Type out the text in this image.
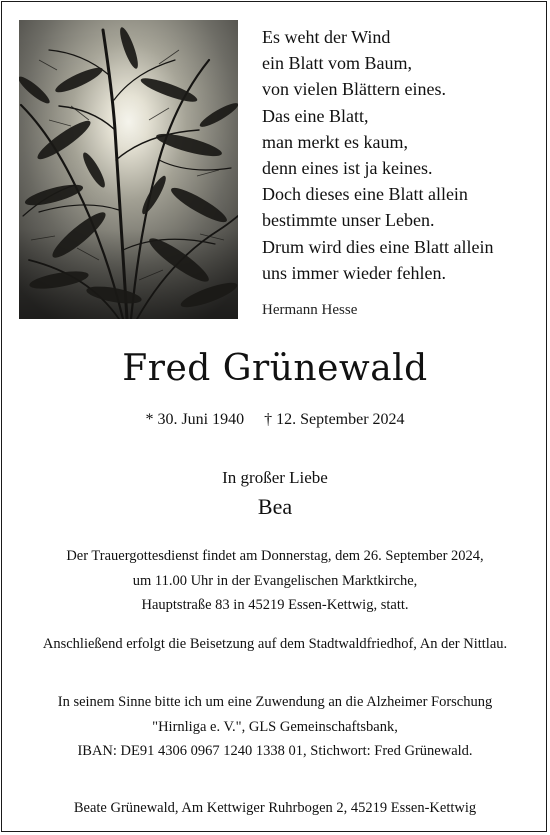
Es weht der Wind
ein Blatt vom Baum,
von vielen Blättern eines.
Das eine Blatt,
man merkt es kaum,
denn eines ist ja keines.
Doch dieses eine Blatt allein
bestimmte unser Leben.
Drum wird dies eine Blatt allein
uns immer wieder fehlen.
Hermann Hesse
Fred Grünewald
* 30. Juni 1940 † 12. September 2024
In großer Liebe
Bea
Der Trauergottesdienst findet am Donnerstag, dem 26. September 2024,
um 11.00 Uhr in der Evangelischen Marktkirche,
Hauptstraße 83 in 45219 Essen-Kettwig, statt.
Anschließend erfolgt die Beisetzung auf dem Stadtwaldfriedhof, An der Nittlau.
In seinem Sinne bitte ich um eine Zuwendung an die Alzheimer Forschung
"Hirnliga e. V.", GLS Gemeinschaftsbank,
IBAN: DE91 4306 0967 1240 1338 01, Stichwort: Fred Grünewald.
Beate Grünewald, Am Kettwiger Ruhrbogen 2, 45219 Essen-Kettwig
